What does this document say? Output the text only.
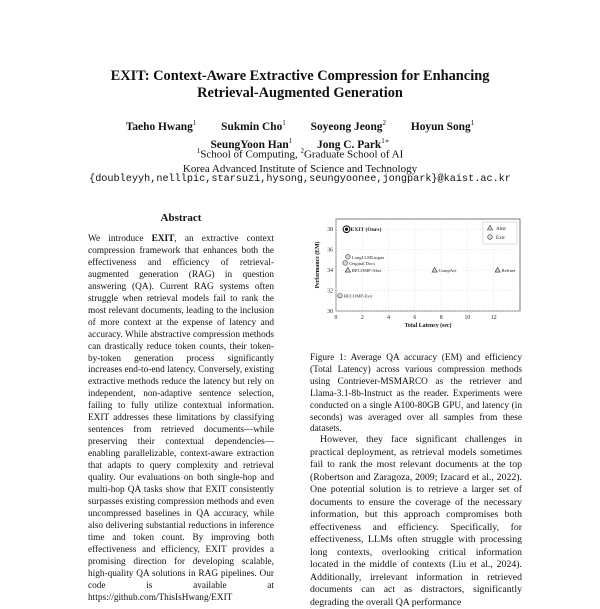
EXIT: Context-Aware Extractive Compression for Enhancing
Retrieval-Augmented Generation
Taeho Hwang$^1$ Sukmin Cho$^1$ Soyeong Jeong$^2$ Hoyun Song$^1$
SeungYoon Han$^1$ Jong C. Park$^{1∗}$
$^1$School of Computing, $^2$Graduate School of AI
Korea Advanced Institute of Science and Technology
{doubleyyh,nelllpic,starsuzi,hysong,seungyoonee,jongpark}@kaist.ac.kr
Abstract
We introduce EXIT, an extractive context compression framework that enhances both the effectiveness and efficiency of retrieval-augmented generation (RAG) in question answering (QA). Current RAG systems often struggle when retrieval models fail to rank the most relevant documents, leading to the inclusion of more context at the expense of latency and accuracy. While abstractive compression methods can drastically reduce token counts, their token-by-token generation process significantly increases end-to-end latency. Conversely, existing extractive methods reduce the latency but rely on independent, non-adaptive sentence selection, failing to fully utilize contextual information. EXIT addresses these limitations by classifying sentences from retrieved documents—while preserving their contextual dependencies—enabling parallelizable, context-aware extraction that adapts to query complexity and retrieval quality. Our evaluations on both single-hop and multi-hop QA tasks show that EXIT consistently surpasses existing compression methods and even uncompressed baselines in QA accuracy, while also delivering substantial reductions in inference time and token count. By improving both effectiveness and efficiency, EXIT provides a promising direction for developing scalable, high-quality QA solutions in RAG pipelines. Our code is available at https://github.com/ThisIsHwang/EXIT
0	2	4	6	8	10	12
30
32
34
36
38
Total Latency (sec)
Performance (EM)
EXIT (Ours)
LongLLMLingua
Original Docs
RECOMP-Abst	CompAct	Refiner
RECOMP-Extr
Abst
Extr
Figure 1: Average QA accuracy (EM) and efficiency (Total Latency) across various compression methods using Contriever-MSMARCO as the retriever and Llama-3.1-8b-Instruct as the reader. Experiments were conducted on a single A100-80GB GPU, and latency (in seconds) was averaged over all samples from these datasets.
However, they face significant challenges in practical deployment, as retrieval models sometimes fail to rank the most relevant documents at the top (Robertson and Zaragoza, 2009; Izacard et al., 2022). One potential solution is to retrieve a larger set of documents to ensure the coverage of the necessary information, but this approach compromises both effectiveness and efficiency. Specifically, for effectiveness, LLMs often struggle with processing long contexts, overlooking critical information located in the middle of contexts (Liu et al., 2024). Additionally, irrelevant information in retrieved documents can act as distractors, significantly degrading the overall QA performance
